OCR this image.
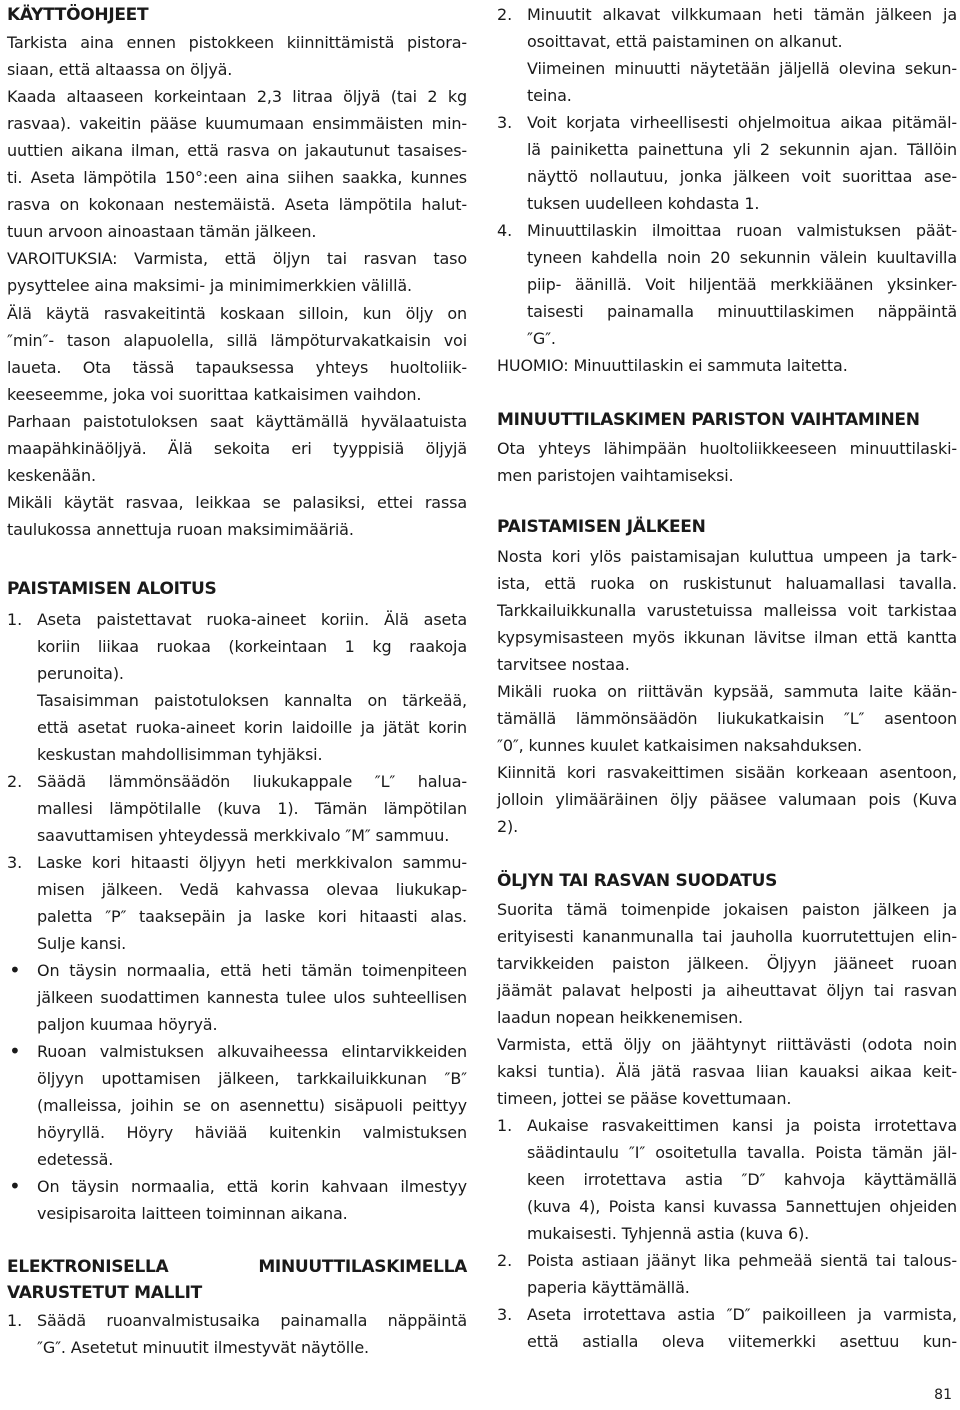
KÄYTTÖOHJEET
Tarkista aina ennen pistokkeen kiinnittämistä pistora-
siaan, että altaassa on öljyä.
Kaada altaaseen korkeintaan 2,3 litraa öljyä (tai 2 kg
rasvaa). vakeitin pääse kuumumaan ensimmäisten min-
uuttien aikana ilman, että rasva on jakautunut tasaises-
ti. Aseta lämpötila 150°:een aina siihen saakka, kunnes
rasva on kokonaan nestemäistä. Aseta lämpötila halut-
tuun arvoon ainoastaan tämän jälkeen.
VAROITUKSIA: Varmista, että öljyn tai rasvan taso
pysyttelee aina maksimi- ja minimimerkkien välillä.
Älä käytä rasvakeitintä koskaan silloin, kun öljy on
″min″- tason alapuolella, sillä lämpöturvakatkaisin voi
laueta. Ota tässä tapauksessa yhteys huoltoliik-
keeseemme, joka voi suorittaa katkaisimen vaihdon.
Parhaan paistotuloksen saat käyttämällä hyvälaatuista
maapähkinäöljyä. Älä sekoita eri tyyppisiä öljyjä
keskenään.
Mikäli käytät rasvaa, leikkaa se palasiksi, ettei rassa
taulukossa annettuja ruoan maksimimääriä.
PAISTAMISEN ALOITUS
1. Aseta paistettavat ruoka-aineet koriin. Älä aseta
koriin liikaa ruokaa (korkeintaan 1 kg raakoja
perunoita).
Tasaisimman paistotuloksen kannalta on tärkeää,
että asetat ruoka-aineet korin laidoille ja jätät korin
keskustan mahdollisimman tyhjäksi.
2. Säädä lämmönsäädön liukukappale ″L″ halua-
mallesi lämpötilalle (kuva 1). Tämän lämpötilan
saavuttamisen yhteydessä merkkivalo ″M″ sammuu.
3. Laske kori hitaasti öljyyn heti merkkivalon sammu-
misen jälkeen. Vedä kahvassa olevaa liukukap-
paletta ″P″ taaksepäin ja laske kori hitaasti alas.
Sulje kansi.
•	On täysin normaalia, että heti tämän toimenpiteen
jälkeen suodattimen kannesta tulee ulos suhteellisen
paljon kuumaa höyryä.
•	Ruoan valmistuksen alkuvaiheessa elintarvikkeiden
öljyyn upottamisen jälkeen, tarkkailuikkunan ″B″
(malleissa, joihin se on asennettu) sisäpuoli peittyy
höyryllä. Höyry häviää kuitenkin valmistuksen
edetessä.
•	On täysin normaalia, että korin kahvaan ilmestyy
vesipisaroita laitteen toiminnan aikana.
ELEKTRONISELLA MINUUTTILASKIMELLA
VARUSTETUT MALLIT
1. Säädä ruoanvalmistusaika painamalla näppäintä
″G″. Asetetut minuutit ilmestyvät näytölle.
2. Minuutit alkavat vilkkumaan heti tämän jälkeen ja
osoittavat, että paistaminen on alkanut.
Viimeinen minuutti näytetään jäljellä olevina sekun-
teina.
3. Voit korjata virheellisesti ohjelmoitua aikaa pitämäl-
lä painiketta painettuna yli 2 sekunnin ajan. Tällöin
näyttö nollautuu, jonka jälkeen voit suorittaa ase-
tuksen uudelleen kohdasta 1.
4. Minuuttilaskin ilmoittaa ruoan valmistuksen päät-
tyneen kahdella noin 20 sekunnin välein kuultavilla
piip- äänillä. Voit hiljentää merkkiäänen yksinker-
taisesti painamalla minuuttilaskimen näppäintä
″G″.
HUOMIO: Minuuttilaskin ei sammuta laitetta.
MINUUTTILASKIMEN PARISTON VAIHTAMINEN
Ota yhteys lähimpään huoltoliikkeeseen minuuttilaski-
men paristojen vaihtamiseksi.
PAISTAMISEN JÄLKEEN
Nosta kori ylös paistamisajan kuluttua umpeen ja tark-
ista, että ruoka on ruskistunut haluamallasi tavalla.
Tarkkailuikkunalla varustetuissa malleissa voit tarkistaa
kypsymisasteen myös ikkunan lävitse ilman että kantta
tarvitsee nostaa.
Mikäli ruoka on riittävän kypsää, sammuta laite kään-
tämällä lämmönsäädön liukukatkaisin ″L″ asentoon
″0″, kunnes kuulet katkaisimen naksahduksen.
Kiinnitä kori rasvakeittimen sisään korkeaan asentoon,
jolloin ylimääräinen öljy pääsee valumaan pois (Kuva
2).
ÖLJYN TAI RASVAN SUODATUS
Suorita tämä toimenpide jokaisen paiston jälkeen ja
erityisesti kananmunalla tai jauholla kuorrutettujen elin-
tarvikkeiden paiston jälkeen. Öljyyn jääneet ruoan
jäämät palavat helposti ja aiheuttavat öljyn tai rasvan
laadun nopean heikkenemisen.
Varmista, että öljy on jäähtynyt riittävästi (odota noin
kaksi tuntia). Älä jätä rasvaa liian kauaksi aikaa keit-
timeen, jottei se pääse kovettumaan.
1. Aukaise rasvakeittimen kansi ja poista irrotettava
säädintaulu ″I″ osoitetulla tavalla. Poista tämän jäl-
keen irrotettava astia ″D″ kahvoja käyttämällä
(kuva 4), Poista kansi kuvassa 5annettujen ohjeiden
mukaisesti. Tyhjennä astia (kuva 6).
2. Poista astiaan jäänyt lika pehmeää sientä tai talous-
paperia käyttämällä.
3. Aseta irrotettava astia ″D″ paikoilleen ja varmista,
että astialla oleva viitemerkki asettuu kun-
81
